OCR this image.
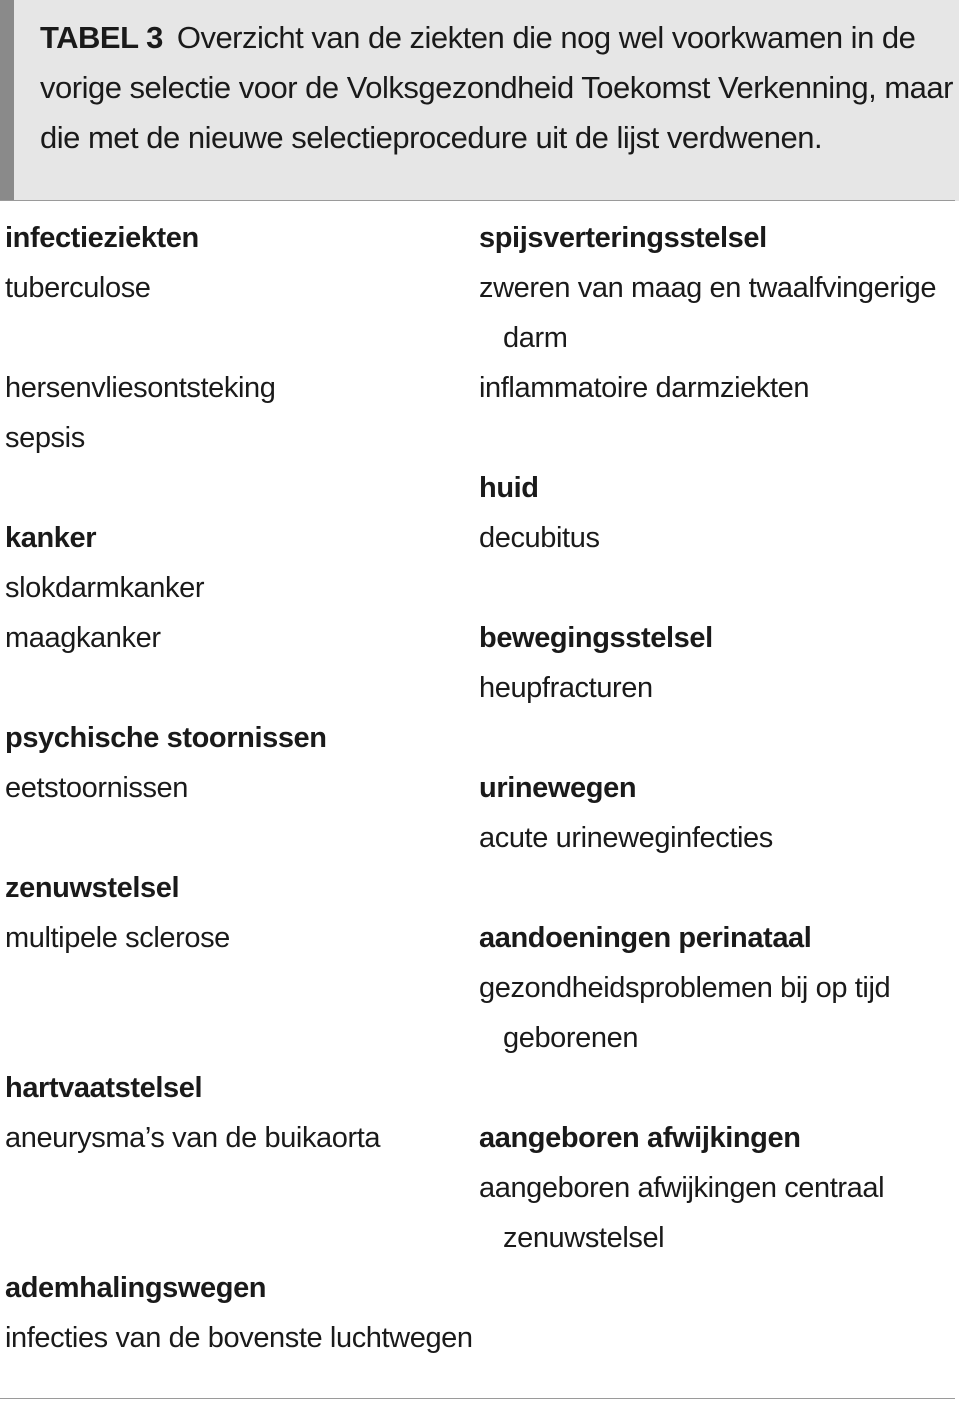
TABEL 3 Overzicht van de ziekten die nog wel voorkwamen in de vorige selectie voor de Volksgezondheid Toekomst Verkenning, maar die met de nieuwe selectieprocedure uit de lijst verdwenen.
infectieziekten
tuberculose
hersenvliesontsteking
sepsis
kanker
slokdarmkanker
maagkanker
psychische stoornissen
eetstoornissen
zenuwstelsel
multipele sclerose
hartvaatstelsel
aneurysma’s van de buikaorta
ademhalingswegen
infecties van de bovenste luchtwegen
spijsverteringsstelsel
zweren van maag en twaalfvingerige
darm
inflammatoire darmziekten
huid
decubitus
bewegingsstelsel
heupfracturen
urinewegen
acute urineweginfecties
aandoeningen perinataal
gezondheidsproblemen bij op tijd
geborenen
aangeboren afwijkingen
aangeboren afwijkingen centraal
zenuwstelsel
